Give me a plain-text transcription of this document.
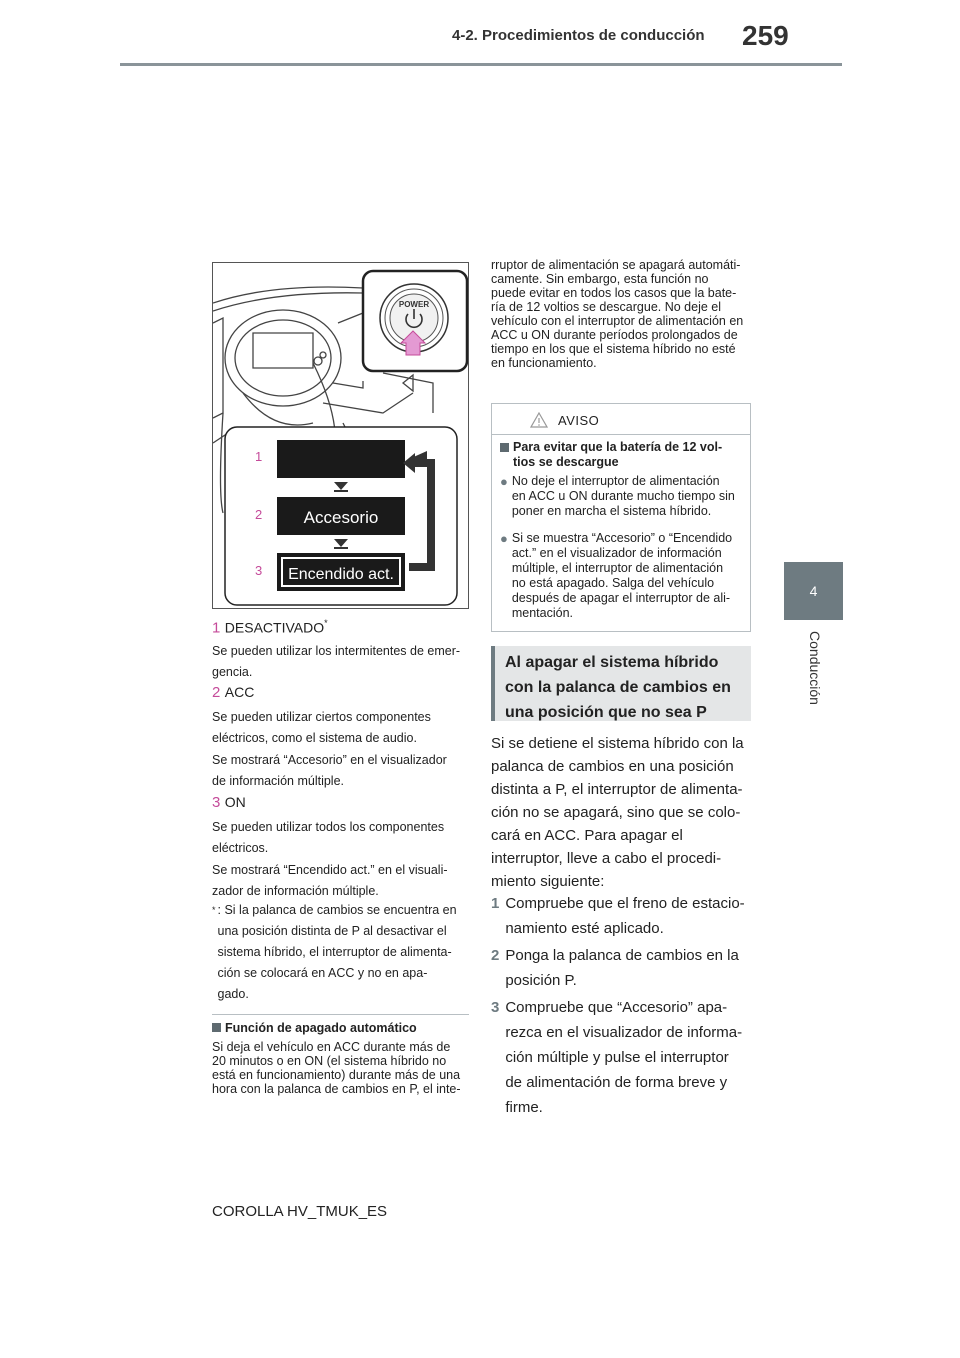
259
4-2. Procedimientos de conducción
4
Conducción
POWER
1
2
3
Accesorio
Encendido act.
1 DESACTIVADO*
Se pueden utilizar los intermitentes de emer-
gencia.
2 ACC
Se pueden utilizar ciertos componentes
eléctricos, como el sistema de audio.
Se mostrará “Accesorio” en el visualizador
de información múltiple.
3 ON
Se pueden utilizar todos los componentes
eléctricos.
Se mostrará “Encendido act.” en el visuali-
zador de información múltiple.
* : Si la palanca de cambios se encuentra en
una posición distinta de P al desactivar el
sistema híbrido, el interruptor de alimenta-
ción se colocará en ACC y no en apa-
gado.
Función de apagado automático
Si deja el vehículo en ACC durante más de
20 minutos o en ON (el sistema híbrido no
está en funcionamiento) durante más de una
hora con la palanca de cambios en P, el inte-
rruptor de alimentación se apagará automáti-
camente. Sin embargo, esta función no
puede evitar en todos los casos que la bate-
ría de 12 voltios se descargue. No deje el
vehículo con el interruptor de alimentación en
ACC u ON durante períodos prolongados de
tiempo en los que el sistema híbrido no esté
en funcionamiento.
AVISO
Para evitar que la batería de 12 vol-
tios se descargue
● No deje el interruptor de alimentación
en ACC u ON durante mucho tiempo sin
poner en marcha el sistema híbrido.
● Si se muestra “Accesorio” o “Encendido
act.” en el visualizador de información
múltiple, el interruptor de alimentación
no está apagado. Salga del vehículo
después de apagar el interruptor de ali-
mentación.
Al apagar el sistema híbrido
con la palanca de cambios en
una posición que no sea P
Si se detiene el sistema híbrido con la
palanca de cambios en una posición
distinta a P, el interruptor de alimenta-
ción no se apagará, sino que se colo-
cará en ACC. Para apagar el
interruptor, lleve a cabo el procedi-
miento siguiente:
1 Compruebe que el freno de estacio-
namiento esté aplicado.
2 Ponga la palanca de cambios en la
posición P.
3 Compruebe que “Accesorio” apa-
rezca en el visualizador de informa-
ción múltiple y pulse el interruptor
de alimentación de forma breve y
firme.
COROLLA HV_TMUK_ES
